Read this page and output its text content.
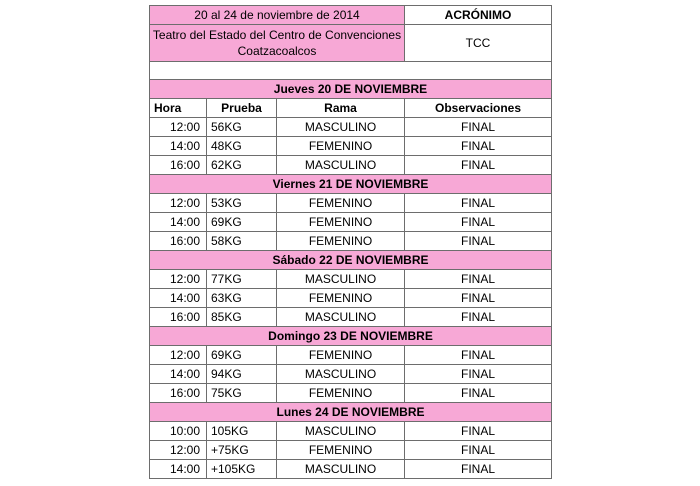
20 al 24 de noviembre de 2014			ACRÓNIMO
Teatro del Estado del Centro de Convenciones Coatzacoalcos			TCC

Jueves 20 DE NOVIEMBRE			
Hora	Prueba	Rama	Observaciones
12:00	56KG	MASCULINO	FINAL
14:00	48KG	FEMENINO	FINAL
16:00	62KG	MASCULINO	FINAL
Viernes 21 DE NOVIEMBRE			
12:00	53KG	FEMENINO	FINAL
14:00	69KG	FEMENINO	FINAL
16:00	58KG	FEMENINO	FINAL
Sábado 22 DE NOVIEMBRE			
12:00	77KG	MASCULINO	FINAL
14:00	63KG	FEMENINO	FINAL
16:00	85KG	MASCULINO	FINAL
Domingo 23 DE NOVIEMBRE			
12:00	69KG	FEMENINO	FINAL
14:00	94KG	MASCULINO	FINAL
16:00	75KG	FEMENINO	FINAL
Lunes 24 DE NOVIEMBRE			
10:00	105KG	MASCULINO	FINAL
12:00	+75KG	FEMENINO	FINAL
14:00	+105KG	MASCULINO	FINAL
